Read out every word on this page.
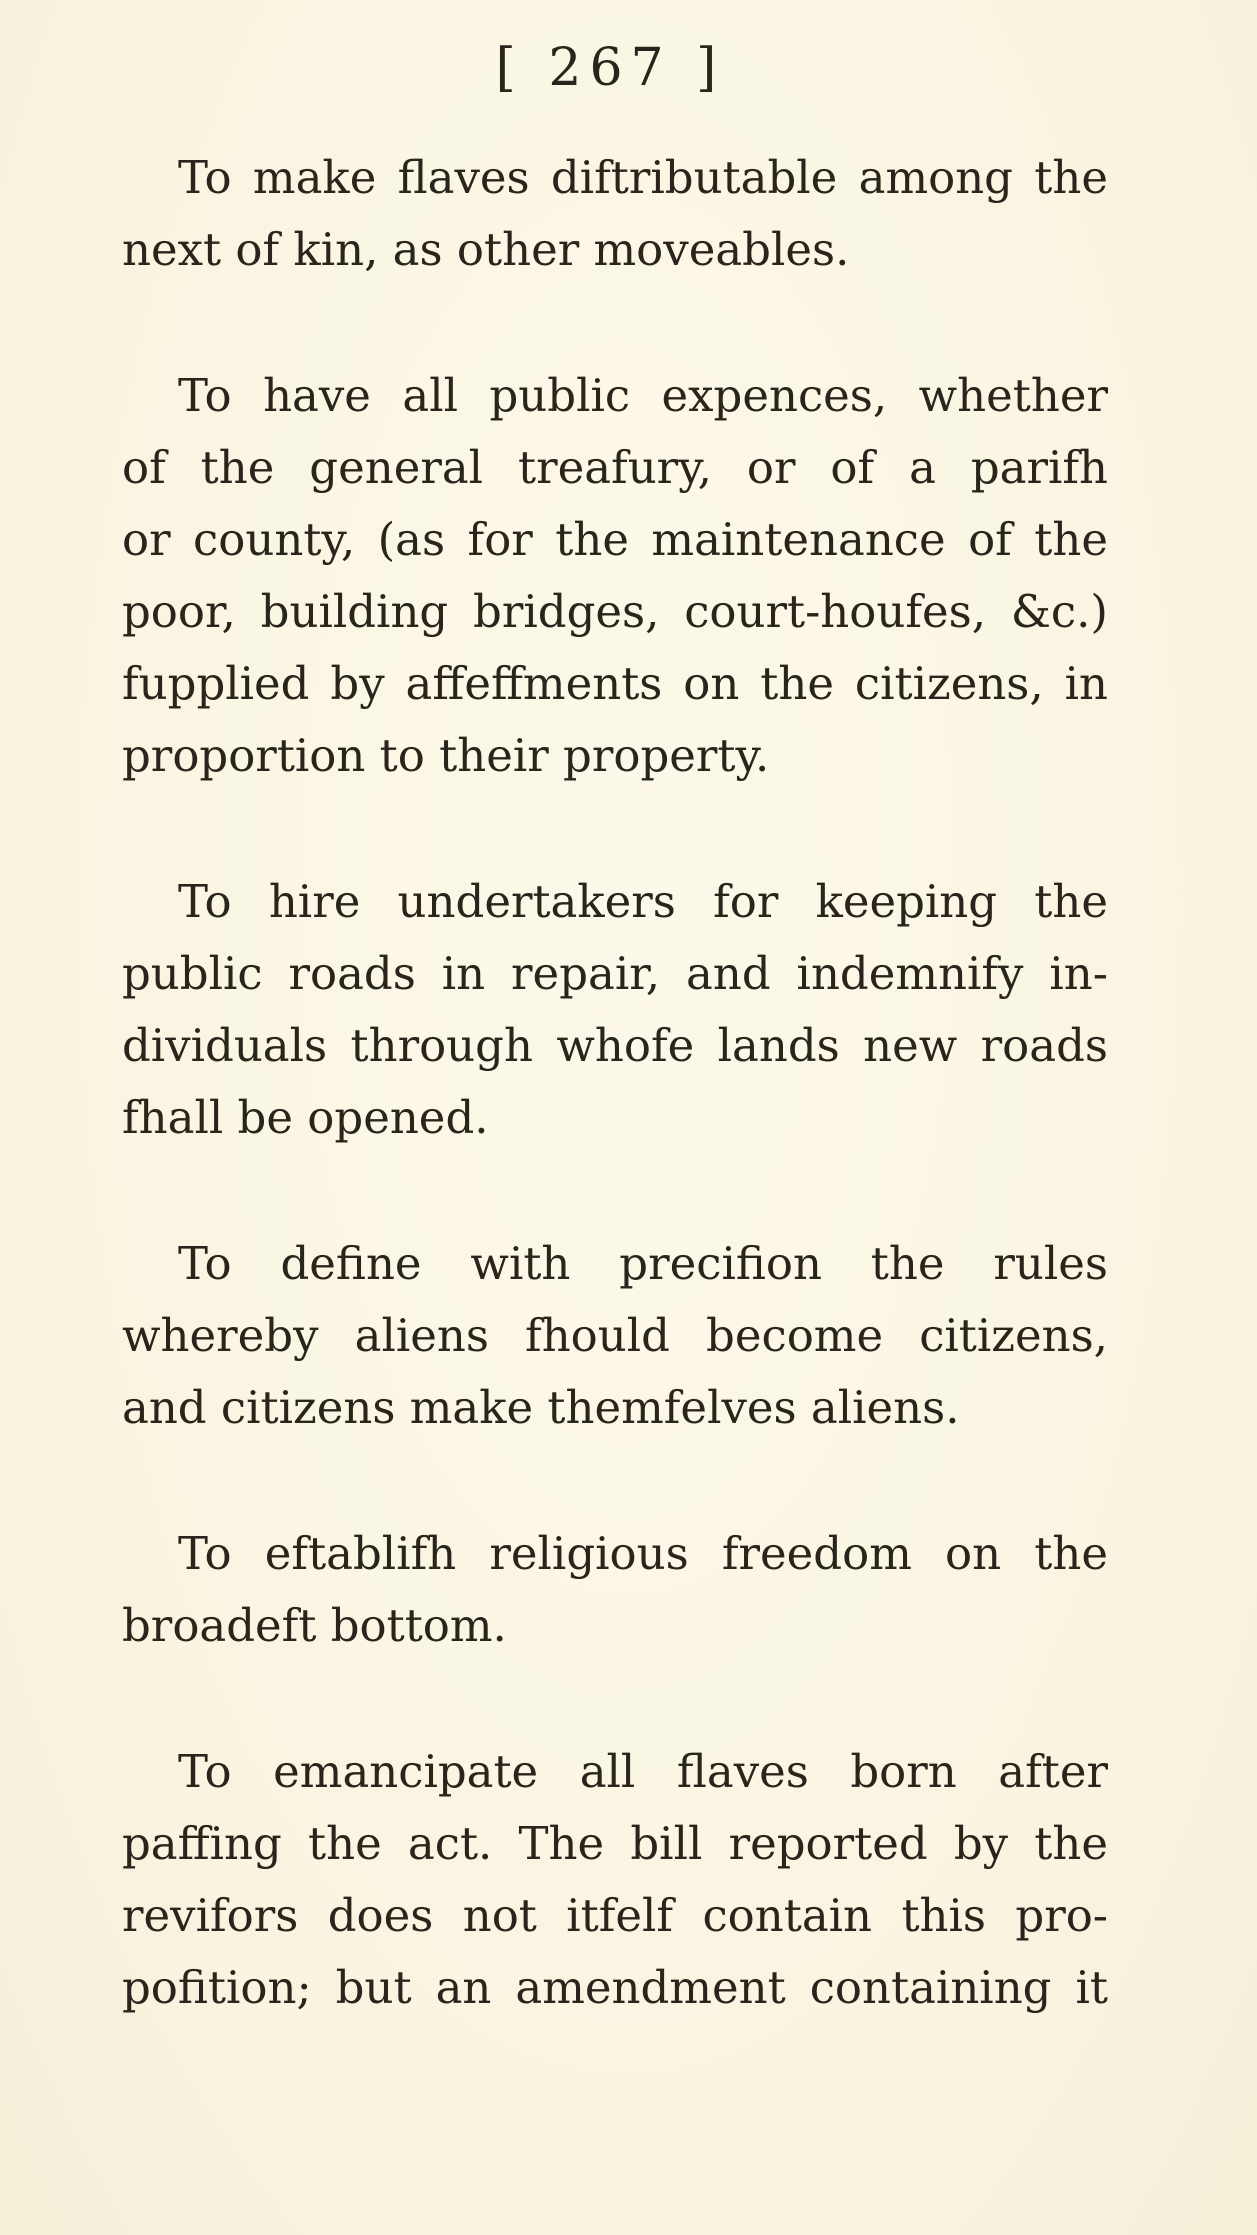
[ 267 ]

To make flaves diftributable among the
next of kin, as other moveables.

To have all public expences, whether
of the general treafury, or of a parifh
or county, (as for the maintenance of the
poor, building bridges, court-houfes, &c.)
fupplied by affeffments on the citizens, in
proportion to their property.

To hire undertakers for keeping the
public roads in repair, and indemnify in-
dividuals through whofe lands new roads
fhall be opened.

To define with precifion the rules
whereby aliens fhould become citizens,
and citizens make themfelves aliens.

To eftablifh religious freedom on the
broadeft bottom.

To emancipate all flaves born after
paffing the act. The bill reported by the
revifors does not itfelf contain this pro-
pofition; but an amendment containing it
